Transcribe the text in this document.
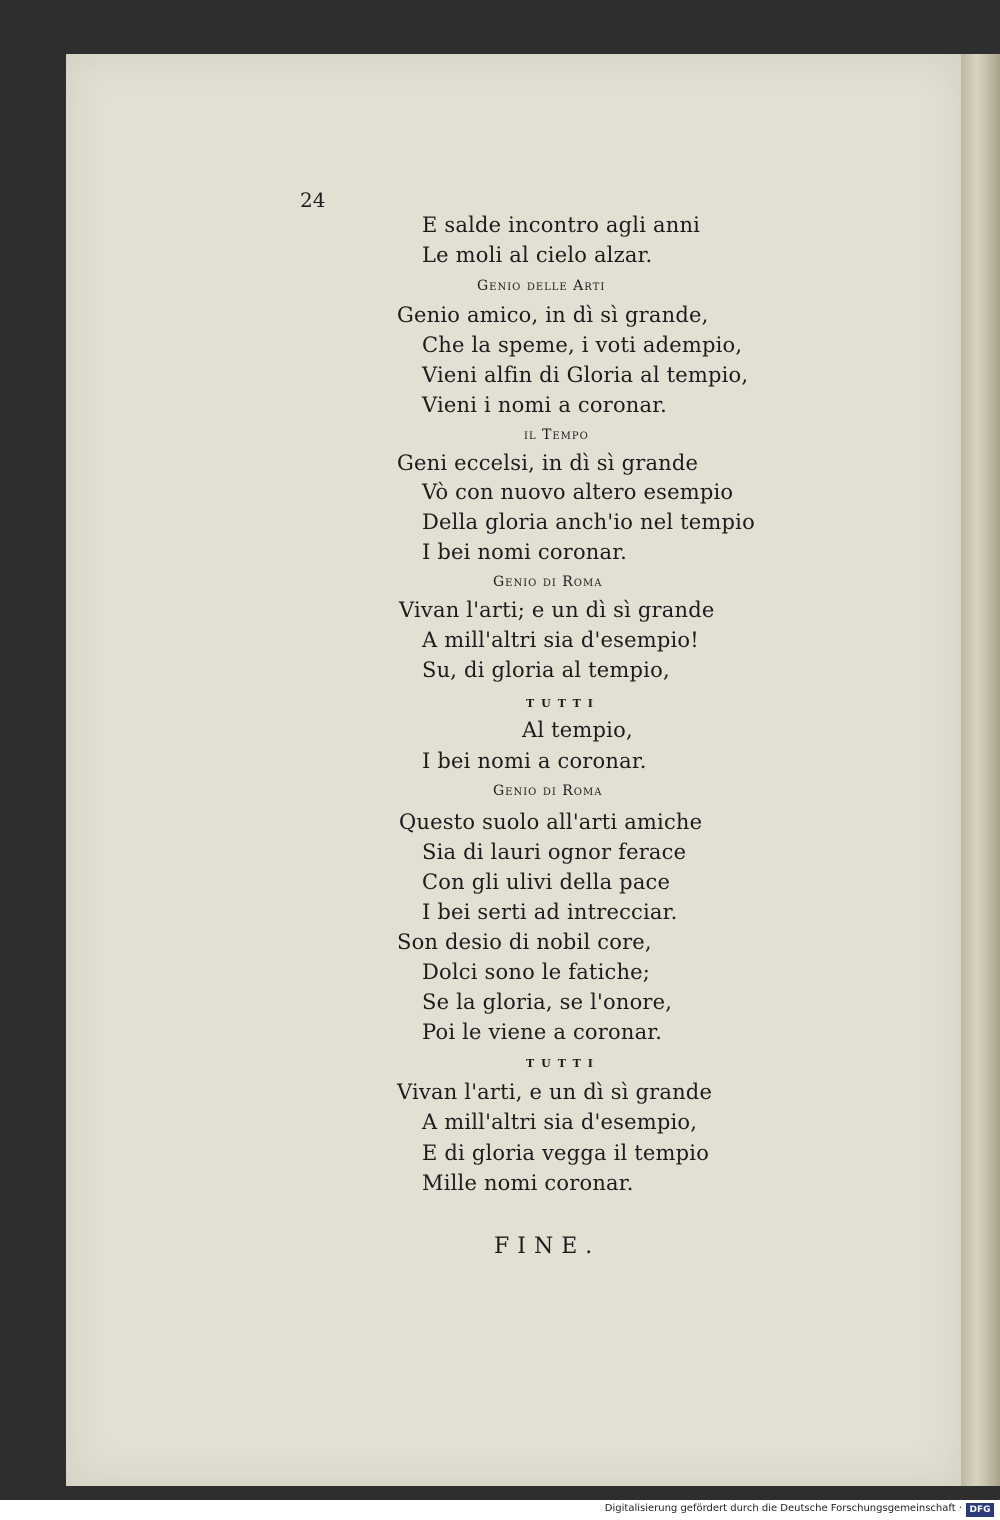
24
E salde incontro agli anni
Le moli al cielo alzar.
Genio delle Arti
Genio amico, in dì sì grande,
Che la speme, i voti adempio,
Vieni alfin di Gloria al tempio,
Vieni i nomi a coronar.
il Tempo
Geni eccelsi, in dì sì grande
Vò con nuovo altero esempio
Della gloria anch'io nel tempio
I bei nomi coronar.
Genio di Roma
Vivan l'arti; e un dì sì grande
A mill'altri sia d'esempio!
Su, di gloria al tempio,
TUTTI
Al tempio,
I bei nomi a coronar.
Genio di Roma
Questo suolo all'arti amiche
Sia di lauri ognor ferace
Con gli ulivi della pace
I bei serti ad intrecciar.
Son desio di nobil core,
Dolci sono le fatiche;
Se la gloria, se l'onore,
Poi le viene a coronar.
TUTTI
Vivan l'arti, e un dì sì grande
A mill'altri sia d'esempio,
E di gloria vegga il tempio
Mille nomi coronar.
FINE.
Digitalisierung gefördert durch die Deutsche Forschungsgemeinschaft · DFG
